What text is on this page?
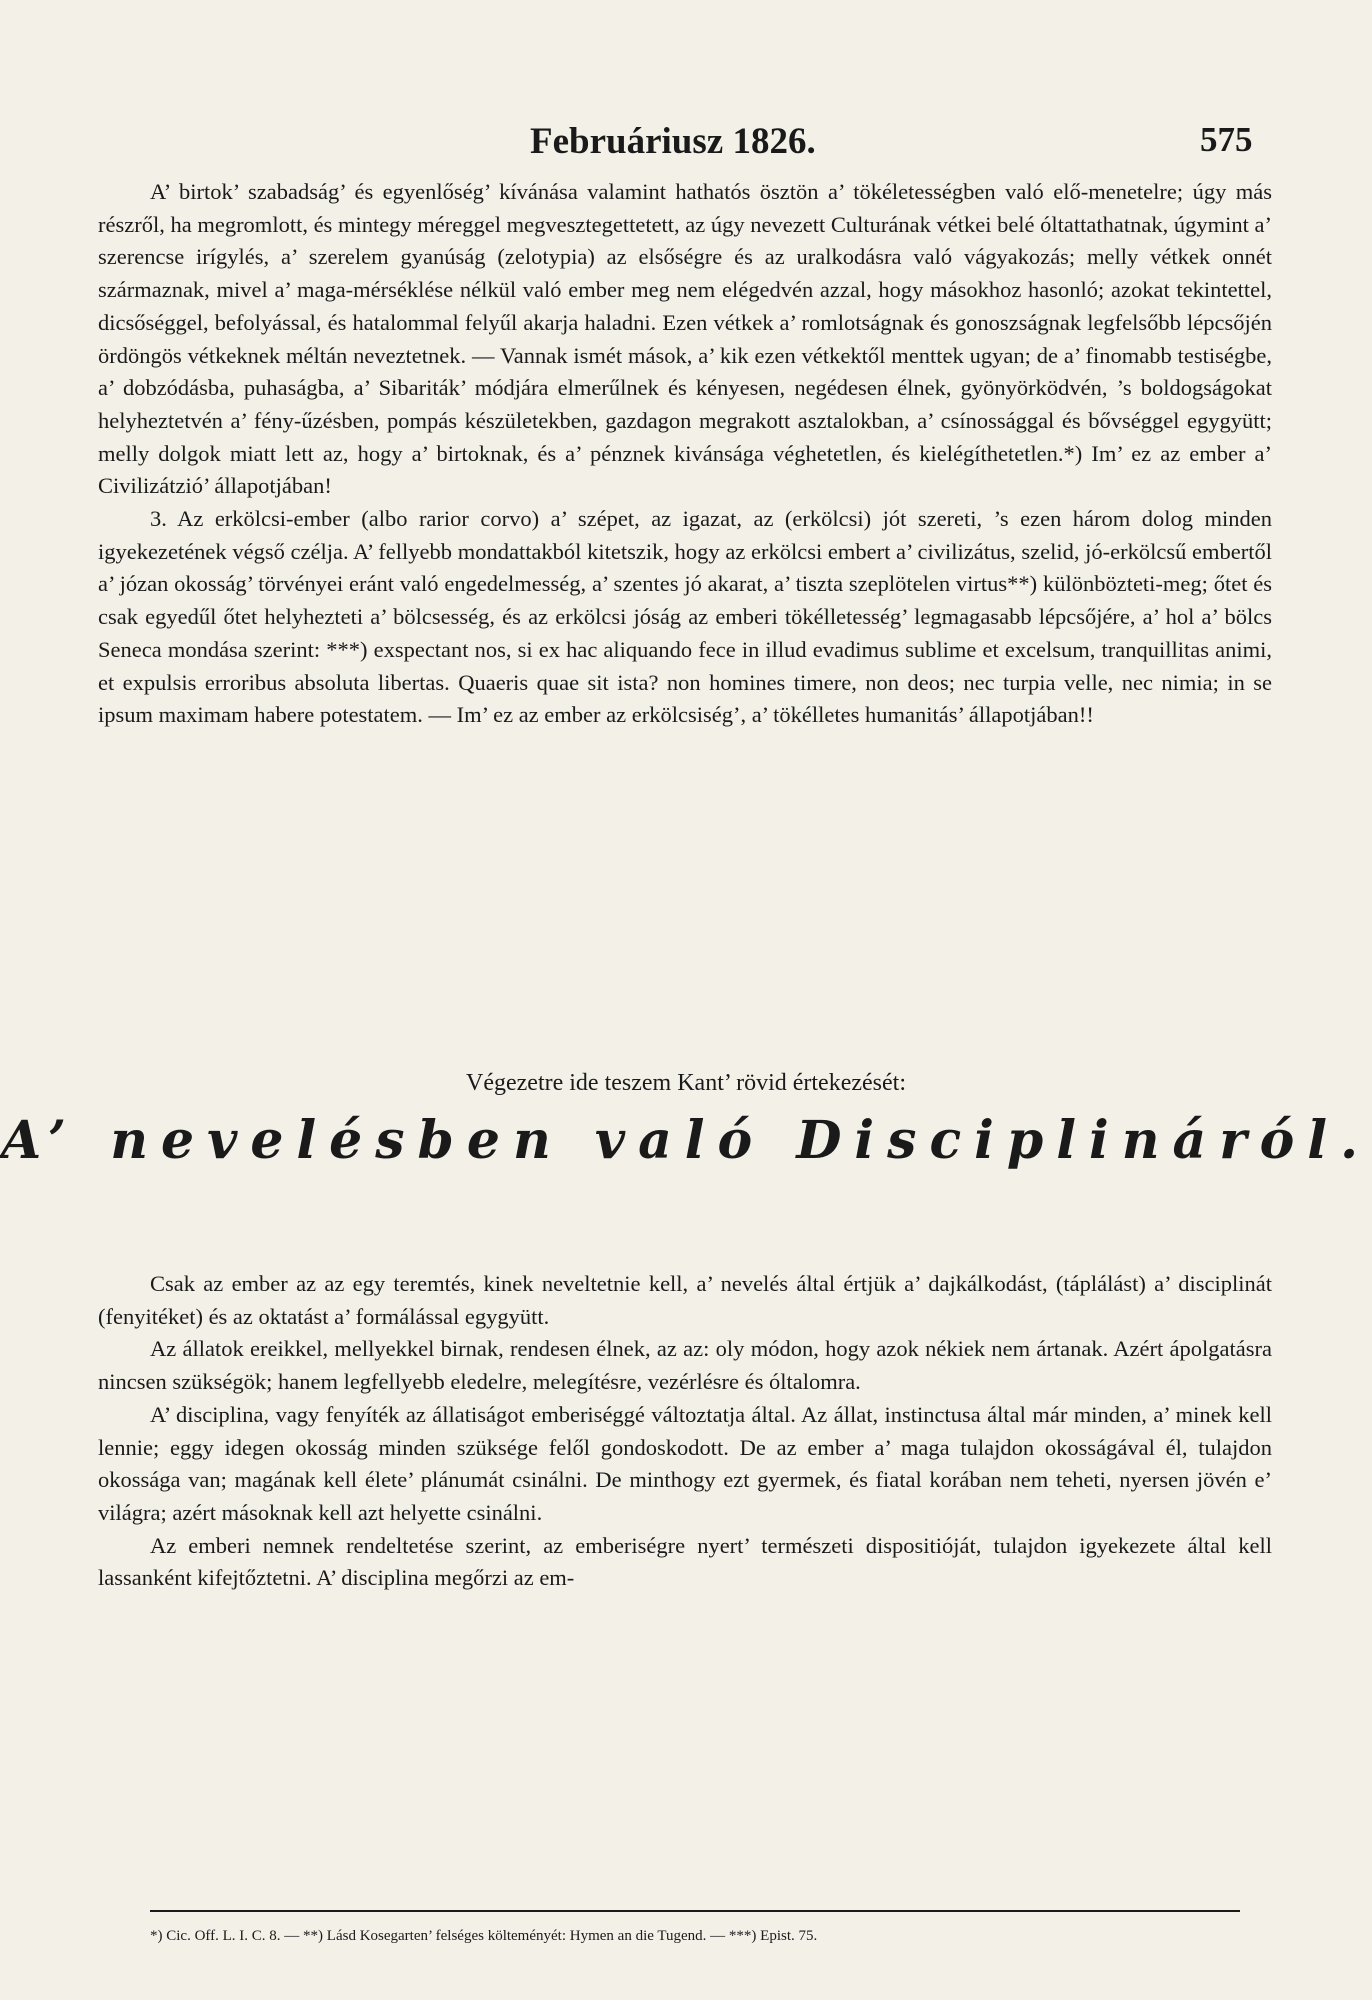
Februáriusz 1826.	575

A’ birtok’ szabadság’ és egyenlőség’ kívánása valamint hathatós ösztön a’ tökéletességben való elő-menetelre; úgy más részről, ha megromlott, és mintegy méreggel megvesztegettetett, az úgy nevezett Culturának vétkei belé óltattathatnak, úgymint a’ szerencse irígylés, a’ szerelem gyanúság (zelotypia) az elsőségre és az uralkodásra való vágyakozás; melly vétkek onnét származnak, mivel a’ maga-mérséklése nélkül való ember meg nem elégedvén azzal, hogy másokhoz hasonló; azokat tekintettel, dicsőséggel, befolyással, és hatalommal felyűl akarja haladni. Ezen vétkek a’ romlotságnak és gonoszságnak legfelsőbb lépcsőjén ördöngös vétkeknek méltán neveztetnek. — Vannak ismét mások, a’ kik ezen vétkektől menttek ugyan; de a’ finomabb testiségbe, a’ dobzódásba, puhaságba, a’ Sibariták’ módjára elmerűlnek és kényesen, negédesen élnek, gyönyörködvén, ’s boldogságokat helyheztetvén a’ fény-űzésben, pompás készületekben, gazdagon megrakott asztalokban, a’ csínossággal és bővséggel egygyütt; melly dolgok miatt lett az, hogy a’ birtoknak, és a’ pénznek kivánsága véghetetlen, és kielégíthetetlen.*) Im’ ez az ember a’ Civilizátzió’ állapotjában!

3. Az erkölcsi-ember (albo rarior corvo) a’ szépet, az igazat, az (erkölcsi) jót szereti, ’s ezen három dolog minden igyekezetének végső czélja. A’ fellyebb mondattakból kitetszik, hogy az erkölcsi embert a’ civilizátus, szelid, jó-erkölcsű embertől a’ józan okosság’ törvényei eránt való engedelmesség, a’ szentes jó akarat, a’ tiszta szeplötelen virtus**) különbözteti-meg; őtet és csak egyedűl őtet helyhezteti a’ bölcsesség, és az erkölcsi jóság az emberi tökélletesség’ legmagasabb lépcsőjére, a’ hol a’ bölcs Seneca mondása szerint: ***) exspectant nos, si ex hac aliquando fece in illud evadimus sublime et excelsum, tranquillitas animi, et expulsis erroribus absoluta libertas. Quaeris quae sit ista? non homines timere, non deos; nec turpia velle, nec nimia; in se ipsum maximam habere potestatem. — Im’ ez az ember az erkölcsiség’, a’ tökélletes humanitás’ állapotjában!!

Végezetre ide teszem Kant’ rövid értekezését:
A’ nevelésben való Disciplináról.

Csak az ember az az egy teremtés, kinek neveltetnie kell, a’ nevelés által értjük a’ dajkálkodást, (táplálást) a’ disciplinát (fenyitéket) és az oktatást a’ formálással egygyütt.

Az állatok ereikkel, mellyekkel birnak, rendesen élnek, az az: oly módon, hogy azok nékiek nem ártanak. Azért ápolgatásra nincsen szükségök; hanem legfellyebb eledelre, melegítésre, vezérlésre és óltalomra.

A’ disciplina, vagy fenyíték az állatiságot emberiséggé változtatja által. Az állat, instinctusa által már minden, a’ minek kell lennie; eggy idegen okosság minden szüksége felől gondoskodott. De az ember a’ maga tulajdon okosságával él, tulajdon okossága van; magának kell élete’ plánumát csinálni. De minthogy ezt gyermek, és fiatal korában nem teheti, nyersen jövén e’ világra; azért másoknak kell azt helyette csinálni.

Az emberi nemnek rendeltetése szerint, az emberiségre nyert’ természeti dispositióját, tulajdon igyekezete által kell lassanként kifejtőztetni. A’ disciplina megőrzi az em-

*) Cic. Off. L. I. C. 8. — **) Lásd Kosegarten’ felséges költeményét: Hymen an die Tugend. — ***) Epist. 75.
